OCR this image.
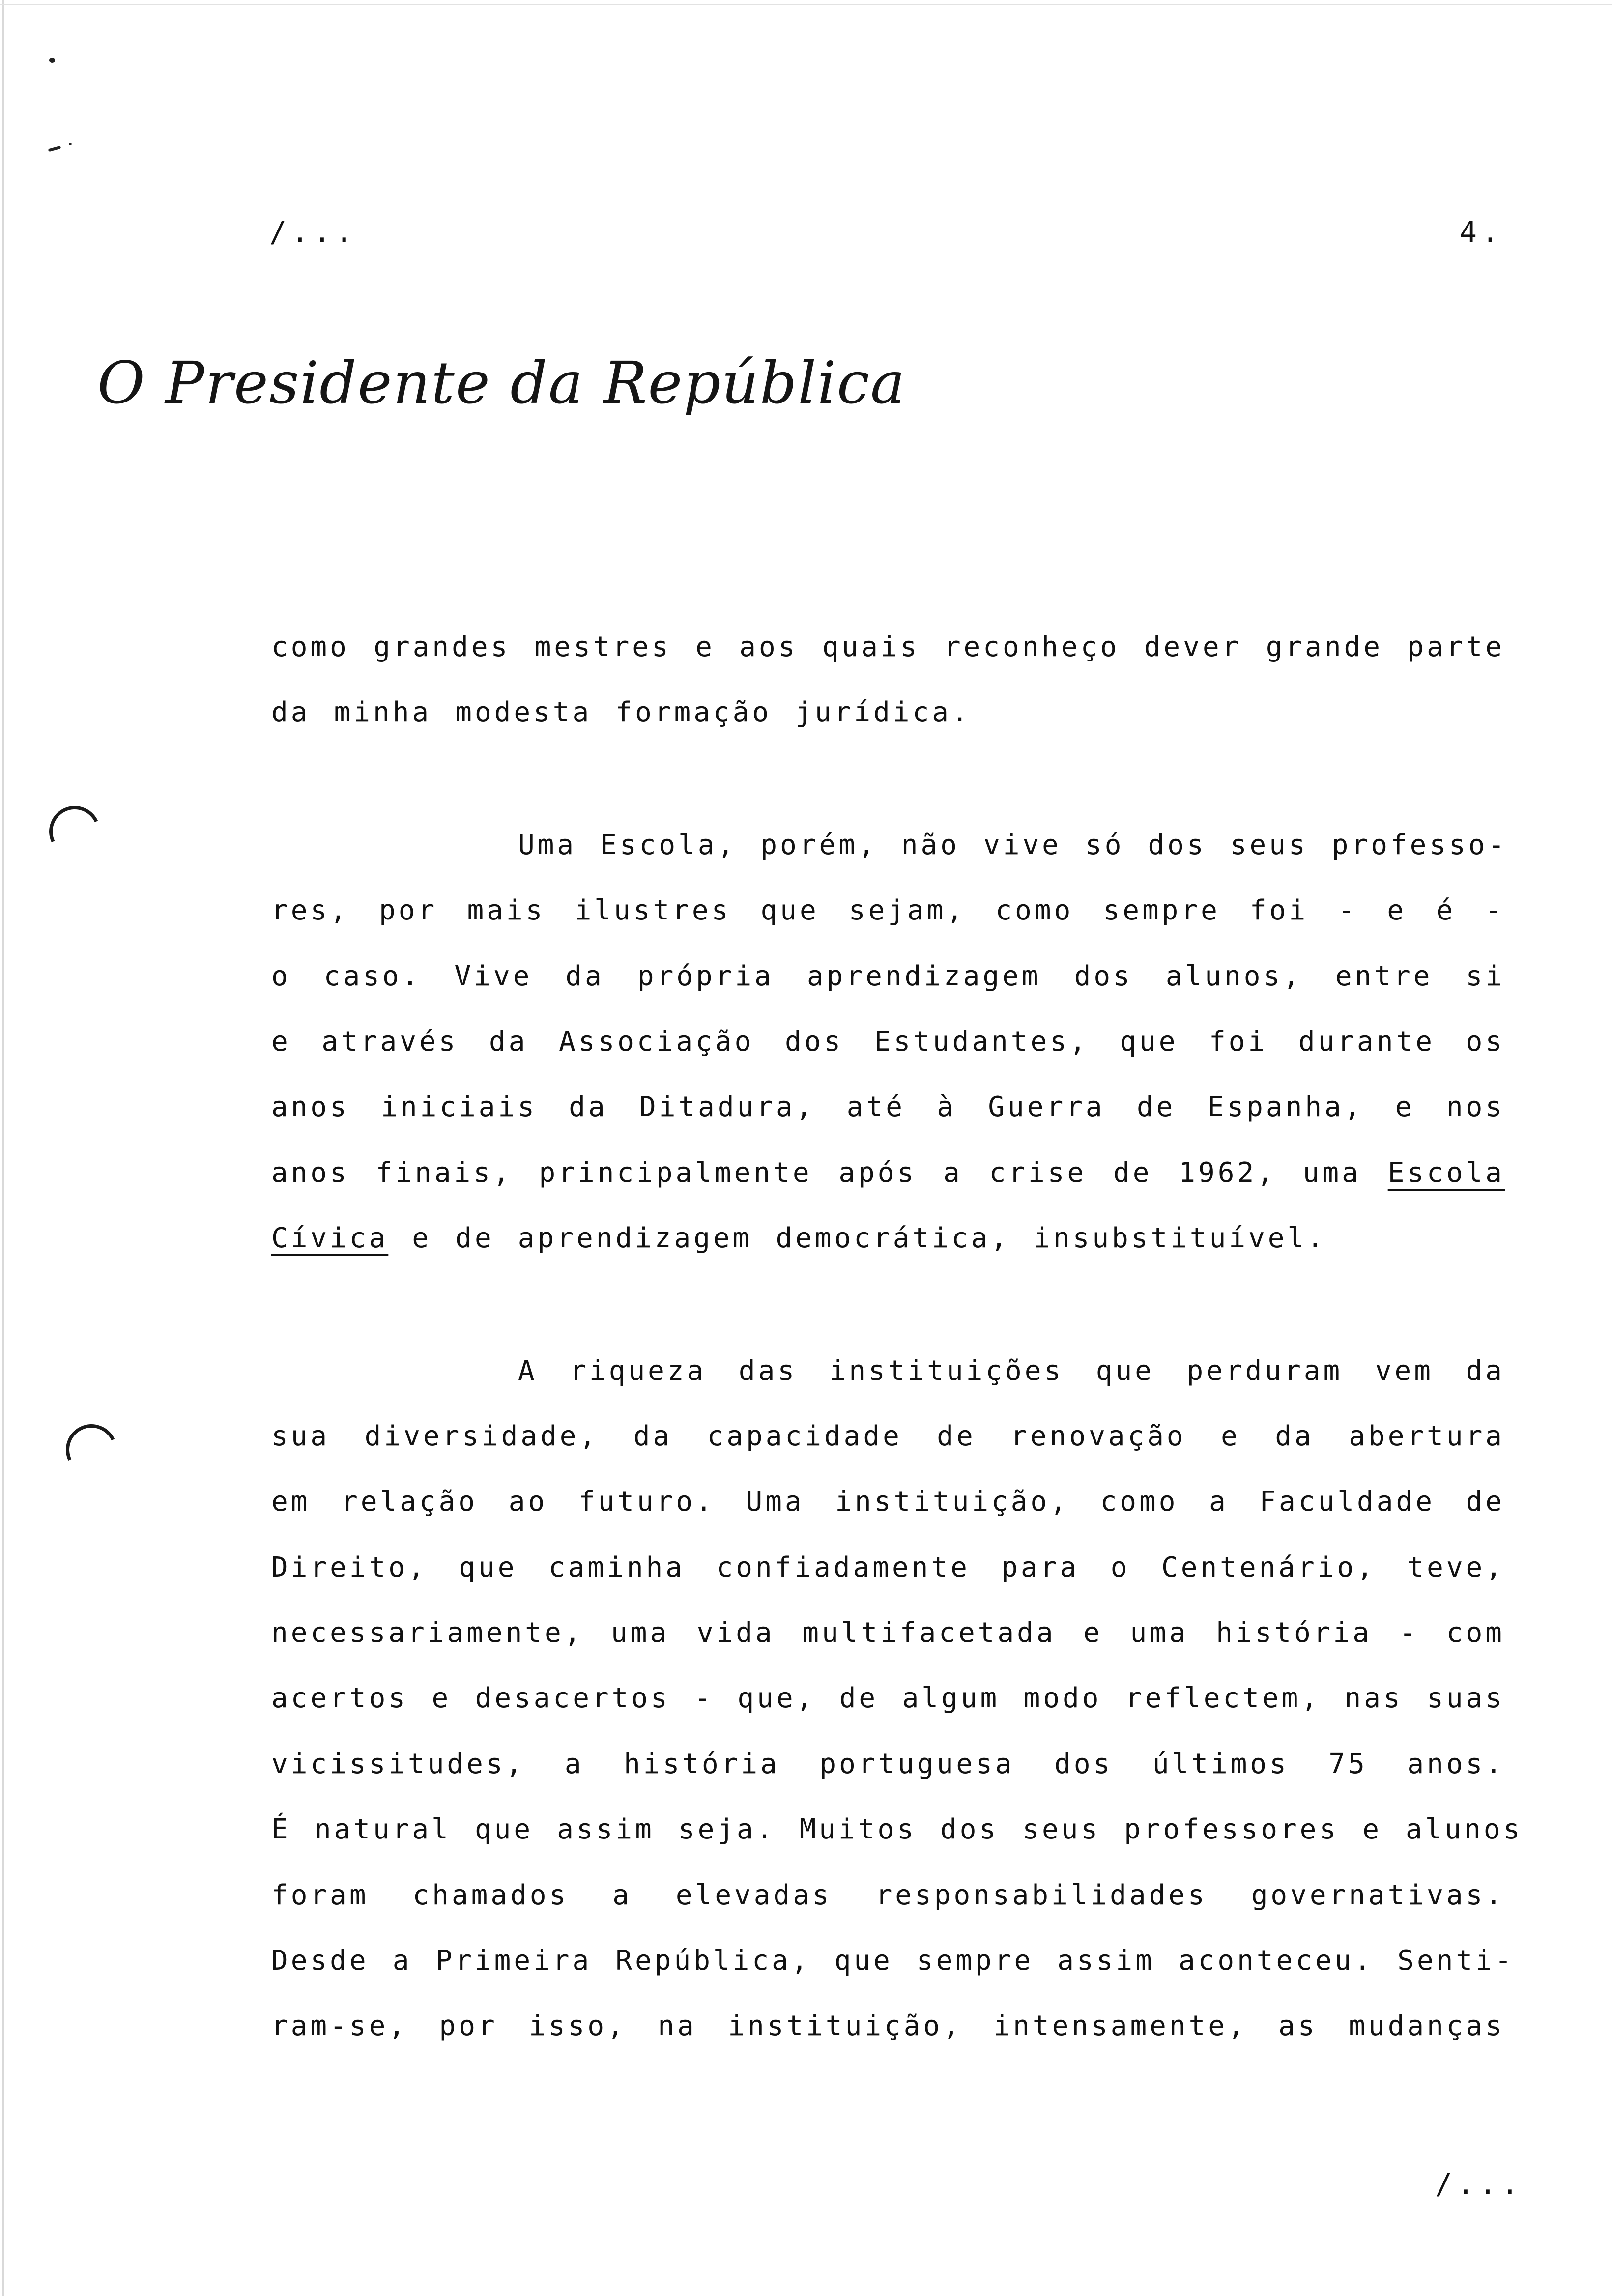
/...	4.
O Presidente da República
como grandes mestres e aos quais reconheço dever grande parte
da minha modesta formação jurídica.
Uma Escola, porém, não vive só dos seus professo-
res, por mais ilustres que sejam, como sempre foi - e é -
o caso. Vive da própria aprendizagem dos alunos, entre si
e através da Associação dos Estudantes, que foi durante os
anos iniciais da Ditadura, até à Guerra de Espanha, e nos
anos finais, principalmente após a crise de 1962, uma Escola
Cívica e de aprendizagem democrática, insubstituível.
A riqueza das instituições que perduram vem da
sua diversidade, da capacidade de renovação e da abertura
em relação ao futuro. Uma instituição, como a Faculdade de
Direito, que caminha confiadamente para o Centenário, teve,
necessariamente, uma vida multifacetada e uma história - com
acertos e desacertos - que, de algum modo reflectem, nas suas
vicissitudes, a história portuguesa dos últimos 75 anos.
É natural que assim seja. Muitos dos seus professores e alunos
foram chamados a elevadas responsabilidades governativas.
Desde a Primeira República, que sempre assim aconteceu. Senti-
ram-se, por isso, na instituição, intensamente, as mudanças
/...
